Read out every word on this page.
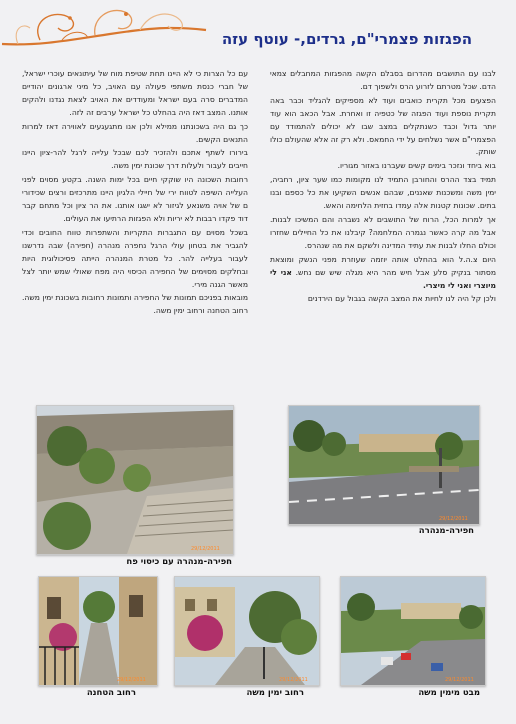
הפגזות פצמרי"ם, גרדים,- עוטף עזה

לבנו עם התושבים מהדרום בסבלם הקשה מהפגזות המחבלים צמאי הדם. שכל מטרתם לזרוע הרס ולשפוך דם.

הפצעים מכל תקרית כואבים ועוד לא מספיקים להגליד וכבר באה תקרית נוספת ועוד הפגזה של כטפיה זו ואחרת. אבל הכאב הוא עוד יותר גדול וכבד כשנתקלים במצב שבו לא יכולים להתמודד עם הפצמרי"ם אשר נשלחים על ידי החמאס. ולא רק זה אלא שהעולם כולו שותק.

בוא ביחד ונזכר בימים קשים שעברנו באזור מגוריו.

תמיד בצד ההרס והחורבן התמיד לנו מקומות כמו שער ציון, רחביה, ימין משה ומשכנות שאננים, שבהם אנשים השקיעו את כל כספם ובנו בתים. שכונות קטנות אלה עמדו בחזית הלחימה והאש.

אך למרות הכל, הרוח של התושבים לא נשברה והם המשיכו לבנות. אבל מה קרה כאשר נגמרה המלחמה? קיבלנו את כל החיילים שחזרו וכולם החלו לבנות את עתיד המדינה ולשקם את מה שנהרס.

היום צ.ה.ל הוא בהחלט אותה יוזמה שעוזרת מפני הנשק ומוצאת מסתור בנקיק סלע אבל חיש מהר היא מגלה שיש שם נחש. אני לי מיוצרי ואני לי מיצרי.

ולכן קל היה לנו לחיות את המצב הקשה בגבול עם הירדנים

עם כל הצרות כי לא היינו תחת שטיפת מוח של עיתונאים עוכרי ישראל, של חברי כנסת משתפי פעולה עם האויב, כל מיני ארגונים יהודיים המדברים סרה בעם ישראל ומעודדים את האויב לצאת נגדנו ולהקים אותנו. המצב דאז היה בהחלט כל ישראל ערבים זה לזה.

כך גם היה בשכונתנו ממילא ולכן אנו מתגעגעים לאווירה דאז למרות התנאים הקשים.

בירורו לשתף אתכם ולהזכיר לכם שבכל עלייה לרגל להר-ציון היינו חייבים לעבור ולעלות דרך שכונת ימין משה.

רחובות השכונה היו שוקקי חיים בכל ימות השנה. בקטע מסוים לפני העלייה השיפה לטווח ירי של חיילי הלגיון היינו מתרכזים ורצים שכידורי ם של אויה משנאע לגיזור לא ישגו אותנו. את הר ציון וכל מתחם קבר דוד פקדו רבבות לא יריות ולא הפגזות הרתיעו את העולים.

בשכל מסוים עם התגברות התקריות והשתפרות טווח החובים וכדי להגביר את בטחון עולי הרגל נחפרה מנהרה (חפירה) שבה נדרשנו לעבור בעלייה להר. כל מטרת המנהרה הייתה פסיכולוגית היות ובחלקים מסוימים של החפירה הכיסוי היה מפח שאולי שמש יותר לצל מאשר הגנה מירי.

מובאות בפניכם תמונות של החפירה ותמונות רחובות בשכונת ימין משה. רחוב הטחנה ורחוב ימין משה.

29/12/2011
חפירה-מנהרה
29/12/2011
חפירה-מנהרה עם כיסוי פח
29/12/2011
מבט מימין משה
29/12/2011
רחוב ימין משה
29/12/2011
רחוב הטחנה
